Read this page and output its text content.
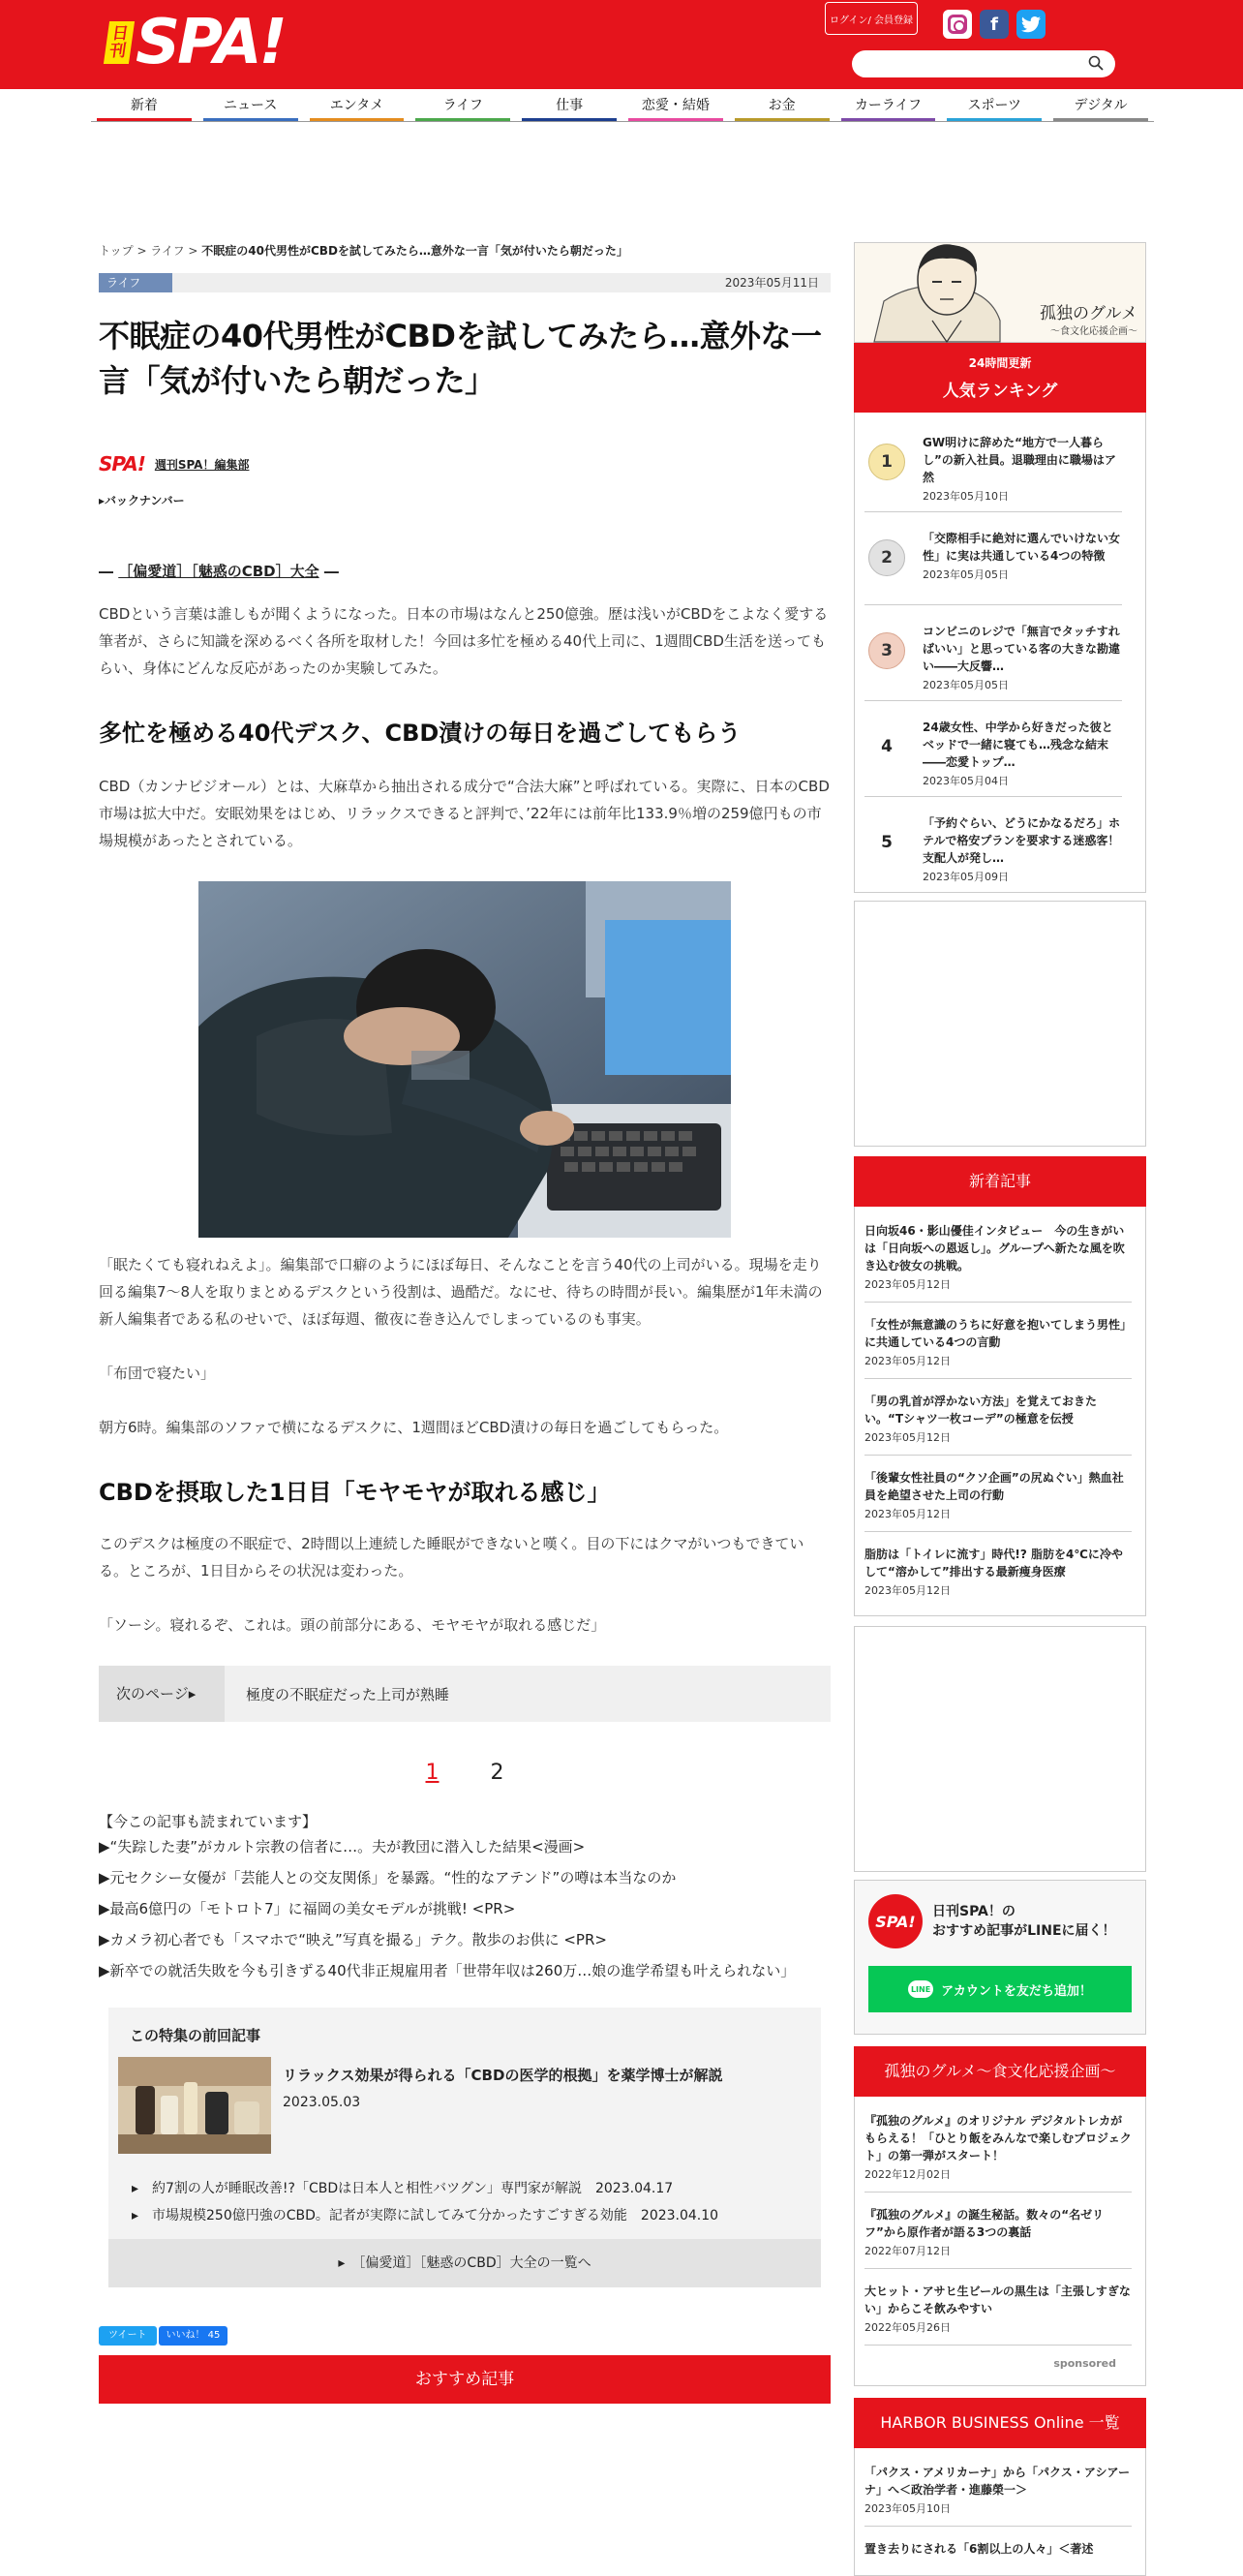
日刊 SPA!	ログイン/ 会員登録	f
新着	ニュース	エンタメ	ライフ	仕事	恋愛・結婚	お金	カーライフ	スポーツ	デジタル
トップ > ライフ > 不眠症の40代男性がCBDを試してみたら…意外な一言「気が付いたら朝だった」
ライフ	2023年05月11日
不眠症の40代男性がCBDを試してみたら…意外な一言「気が付いたら朝だった」
SPA! 週刊SPA！編集部
▸バックナンバー
― ［偏愛道］［魅惑のCBD］大全 ―

CBDという言葉は誰しもが聞くようになった。日本の市場はなんと250億強。歴は浅いがCBDをこよなく愛する筆者が、さらに知識を深めるべく各所を取材した！今回は多忙を極める40代上司に、1週間CBD生活を送ってもらい、身体にどんな反応があったのか実験してみた。

多忙を極める40代デスク、CBD漬けの毎日を過ごしてもらう

CBD（カンナビジオール）とは、大麻草から抽出される成分で“合法大麻”と呼ばれている。実際に、日本のCBD市場は拡大中だ。安眠効果をはじめ、リラックスできると評判で、’22年には前年比133.9％増の259億円もの市場規模があったとされている。

「眠たくても寝れねえよ」。編集部で口癖のようにほぼ毎日、そんなことを言う40代の上司がいる。現場を走り回る編集7～8人を取りまとめるデスクという役割は、過酷だ。なにせ、待ちの時間が長い。編集歴が1年未満の新人編集者である私のせいで、ほぼ毎週、徹夜に巻き込んでしまっているのも事実。

「布団で寝たい」

朝方6時。編集部のソファで横になるデスクに、1週間ほどCBD漬けの毎日を過ごしてもらった。

CBDを摂取した1日目「モヤモヤが取れる感じ」

このデスクは極度の不眠症で、2時間以上連続した睡眠ができないと嘆く。目の下にはクマがいつもできている。ところが、1日目からその状況は変わった。

「ソーシ。寝れるぞ、これは。頭の前部分にある、モヤモヤが取れる感じだ」

次のページ▸	極度の不眠症だった上司が熟睡
1 2
【今この記事も読まれています】
▶“失踪した妻”がカルト宗教の信者に…。夫が教団に潜入した結果<漫画>
▶元セクシー女優が「芸能人との交友関係」を暴露。“性的なアテンド”の噂は本当なのか
▶最高6億円の「モトロト7」に福岡の美女モデルが挑戦! <PR>
▶カメラ初心者でも「スマホで“映え”写真を撮る」テク。散歩のお供に <PR>
▶新卒での就活失敗を今も引きずる40代非正規雇用者「世帯年収は260万…娘の進学希望も叶えられない」
この特集の前回記事
リラックス効果が得られる「CBDの医学的根拠」を薬学博士が解説
2023.05.03
▸　約7割の人が睡眠改善!?「CBDは日本人と相性バツグン」専門家が解説　2023.04.17
▸　市場規模250億円強のCBD。記者が実際に試してみて分かったすごすぎる効能　2023.04.10
▸　［偏愛道］［魅惑のCBD］大全の一覧へ
ツイート	いいね！ 45
おすすめ記事
孤独のグルメ
～食文化応援企画～
24時間更新
人気ランキング
1
GW明けに辞めた“地方で一人暮らし”の新入社員。退職理由に職場はア然
2023年05月10日
2
「交際相手に絶対に選んでいけない女性」に実は共通している4つの特徴
2023年05月05日
3
コンビニのレジで「無言でタッチすればいい」と思っている客の大きな勘違い――大反響…
2023年05月05日
4
24歳女性、中学から好きだった彼とベッドで一緒に寝ても…残念な結末――恋愛トップ…
2023年05月04日
5
「予約ぐらい、どうにかなるだろ」ホテルで格安プランを要求する迷惑客！支配人が発し…
2023年05月09日
新着記事
日向坂46・影山優佳インタビュー　今の生きがいは「日向坂への恩返し」。グループへ新たな風を吹き込む彼女の挑戦。
2023年05月12日
「女性が無意識のうちに好意を抱いてしまう男性」に共通している4つの言動
2023年05月12日
「男の乳首が浮かない方法」を覚えておきたい。“Tシャツ一枚コーデ”の極意を伝授
2023年05月12日
「後輩女性社員の“クソ企画”の尻ぬぐい」熱血社員を絶望させた上司の行動
2023年05月12日
脂肪は「トイレに流す」時代!? 脂肪を4℃に冷やして“溶かして”排出する最新痩身医療
2023年05月12日
SPA!
日刊SPA！の
おすすめ記事がLINEに届く！
LINE アカウントを友だち追加！
孤独のグルメ～食文化応援企画～
『孤独のグルメ』のオリジナル デジタルトレカがもらえる！「ひとり飯をみんなで楽しむプロジェクト」の第一弾がスタート！
2022年12月02日
『孤独のグルメ』の誕生秘話。数々の“名ゼリフ”から原作者が語る3つの裏話
2022年07月12日
大ヒット・アサヒ生ビールの黒生は「主張しすぎない」からこそ飲みやすい
2022年05月26日
sponsored
HARBOR BUSINESS Online 一覧
「パクス・アメリカーナ」から「パクス・アシアーナ」へ＜政治学者・進藤榮一＞
2023年05月10日
置き去りにされる「6割以上の人々」＜著述
